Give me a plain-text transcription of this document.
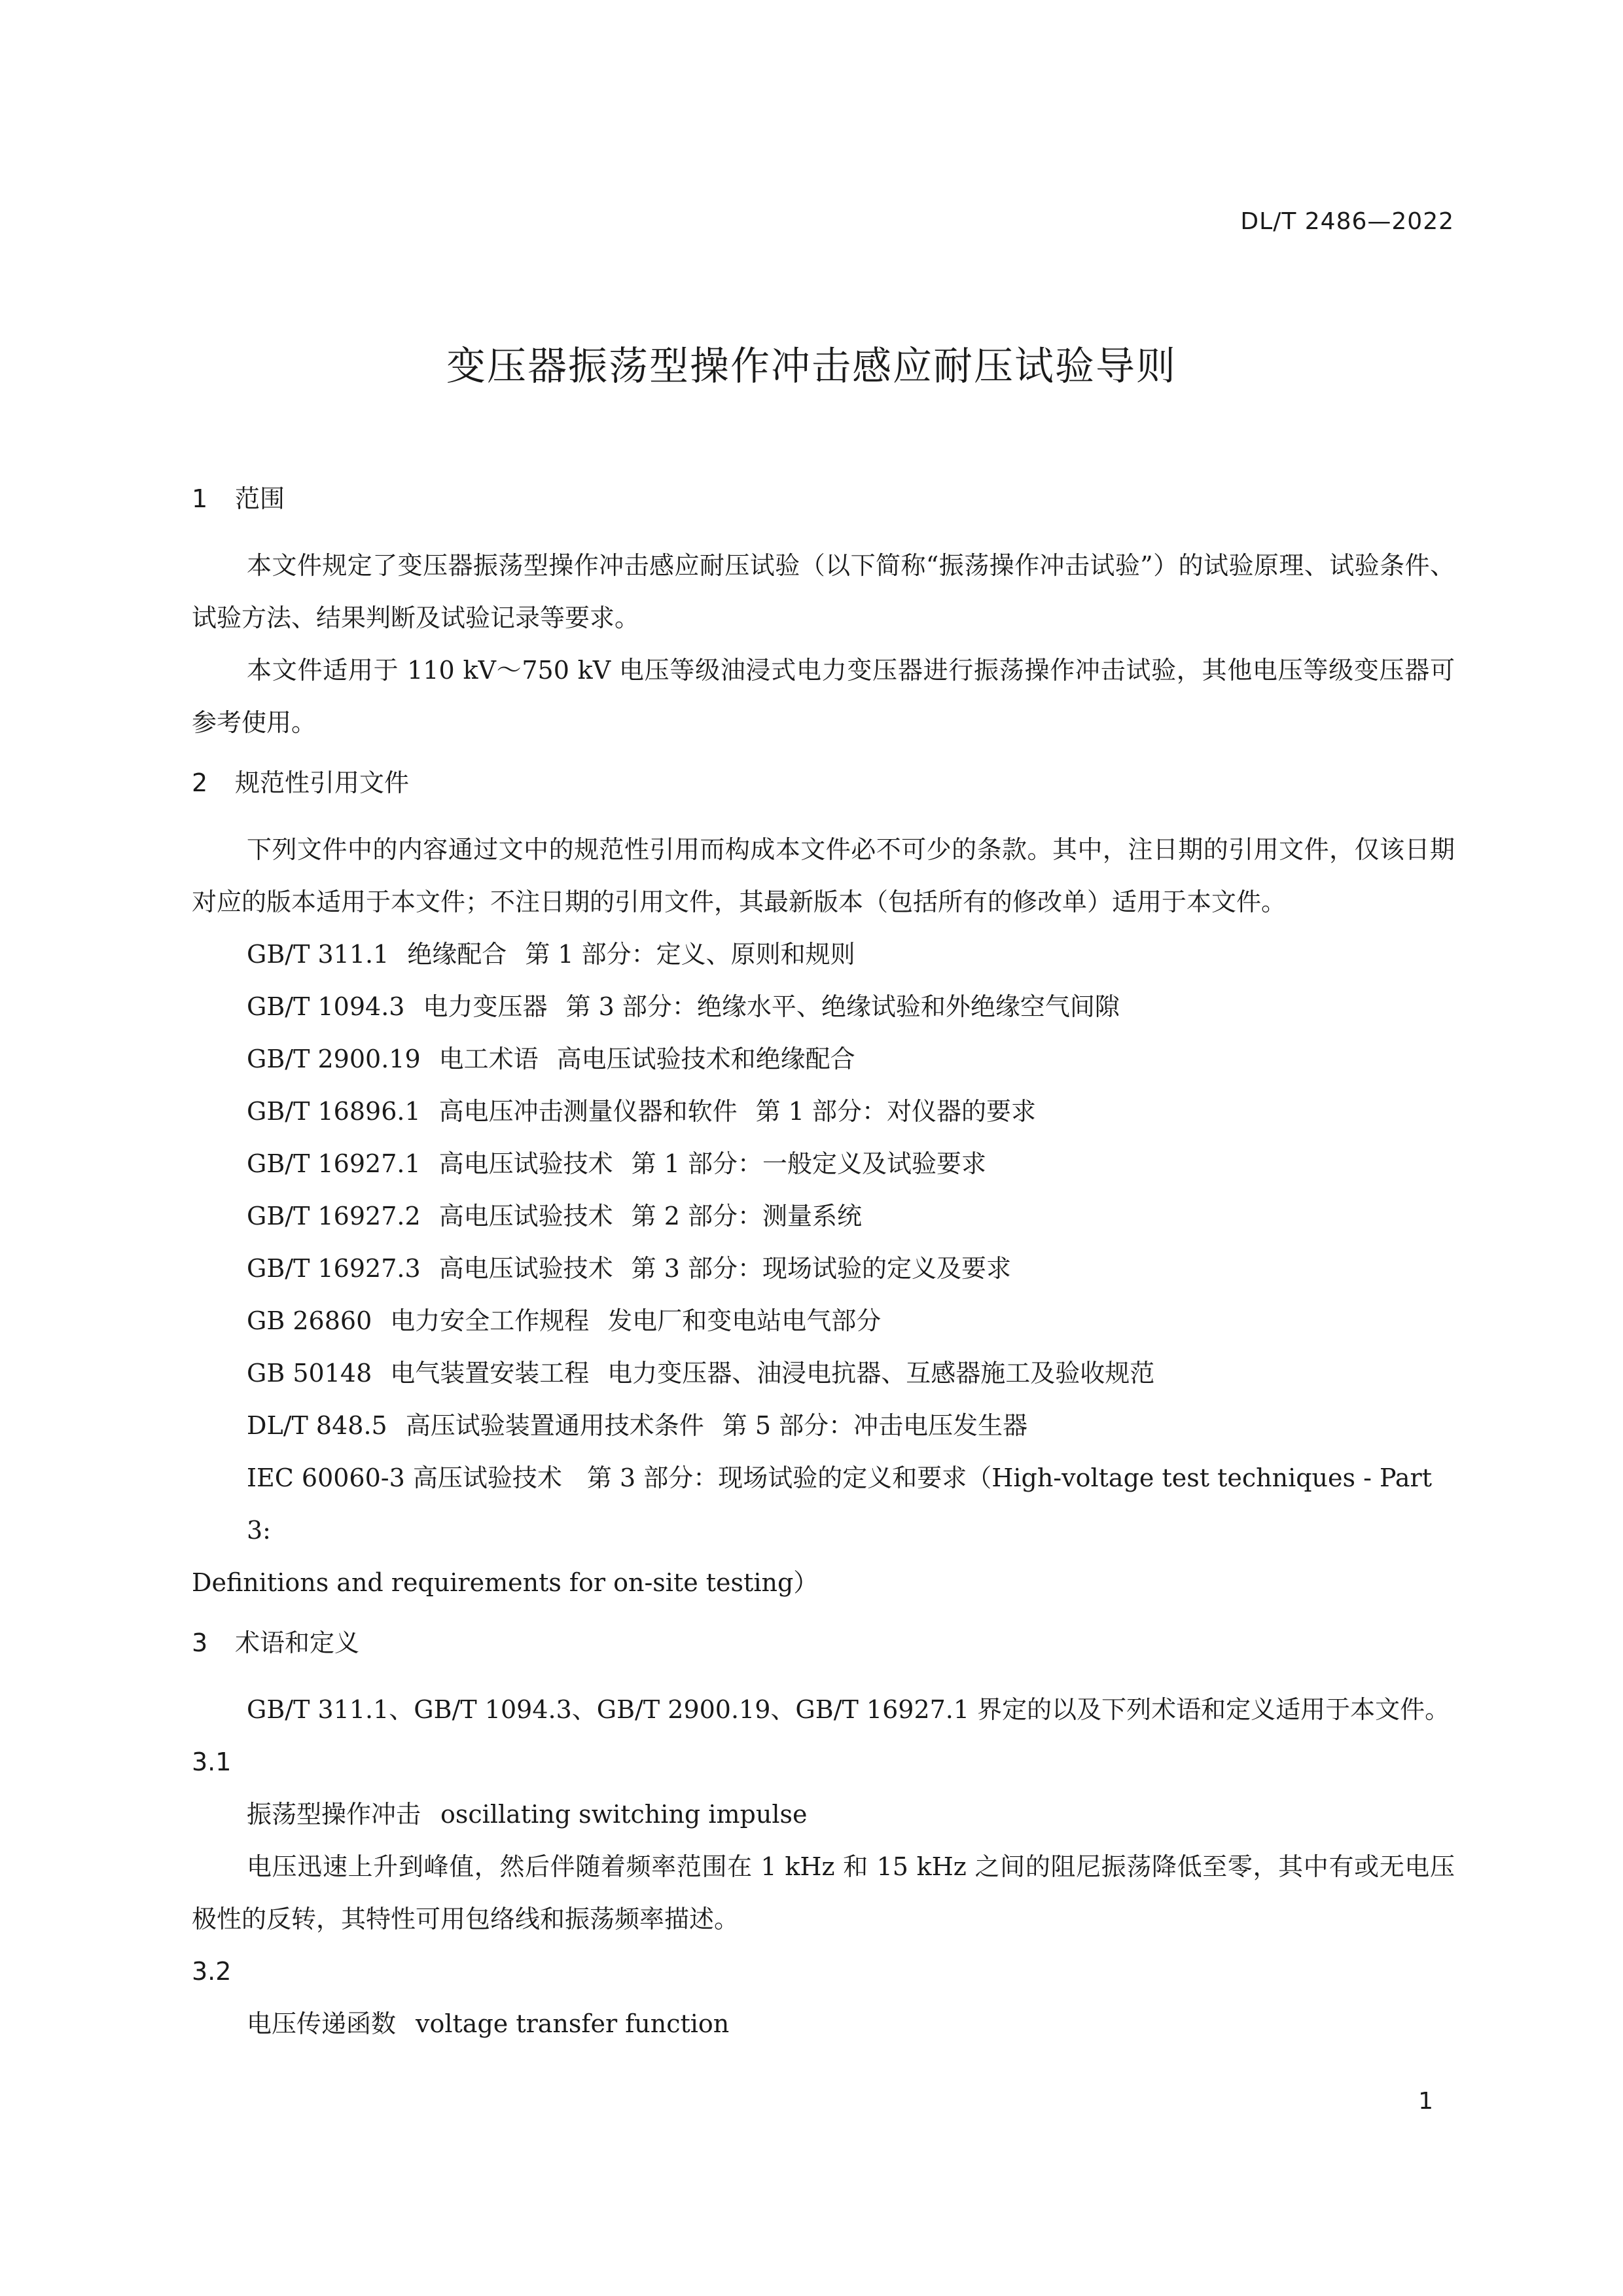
DL/T 2486—2022
变压器振荡型操作冲击感应耐压试验导则
1 范围

本文件规定了变压器振荡型操作冲击感应耐压试验（以下简称“振荡操作冲击试验”）的试验原理、试验条件、试验方法、结果判断及试验记录等要求。

本文件适用于 110 kV～750 kV 电压等级油浸式电力变压器进行振荡操作冲击试验，其他电压等级变压器可参考使用。

2 规范性引用文件

下列文件中的内容通过文中的规范性引用而构成本文件必不可少的条款。其中，注日期的引用文件，仅该日期对应的版本适用于本文件；不注日期的引用文件，其最新版本（包括所有的修改单）适用于本文件。

GB/T 311.1 绝缘配合 第 1 部分：定义、原则和规则

GB/T 1094.3 电力变压器 第 3 部分：绝缘水平、绝缘试验和外绝缘空气间隙

GB/T 2900.19 电工术语 高电压试验技术和绝缘配合

GB/T 16896.1 高电压冲击测量仪器和软件 第 1 部分：对仪器的要求

GB/T 16927.1 高电压试验技术 第 1 部分：一般定义及试验要求

GB/T 16927.2 高电压试验技术 第 2 部分：测量系统

GB/T 16927.3 高电压试验技术 第 3 部分：现场试验的定义及要求

GB 26860 电力安全工作规程 发电厂和变电站电气部分

GB 50148 电气装置安装工程 电力变压器、油浸电抗器、互感器施工及验收规范

DL/T 848.5 高压试验装置通用技术条件 第 5 部分：冲击电压发生器

IEC 60060-3 高压试验技术　第 3 部分：现场试验的定义和要求（High-voltage test techniques - Part 3:

Definitions and requirements for on-site testing）

3 术语和定义

GB/T 311.1、GB/T 1094.3、GB/T 2900.19、GB/T 16927.1 界定的以及下列术语和定义适用于本文件。

3.1

振荡型操作冲击 oscillating switching impulse

电压迅速上升到峰值，然后伴随着频率范围在 1 kHz 和 15 kHz 之间的阻尼振荡降低至零，其中有或无电压极性的反转，其特性可用包络线和振荡频率描述。

3.2

电压传递函数 voltage transfer function

1
